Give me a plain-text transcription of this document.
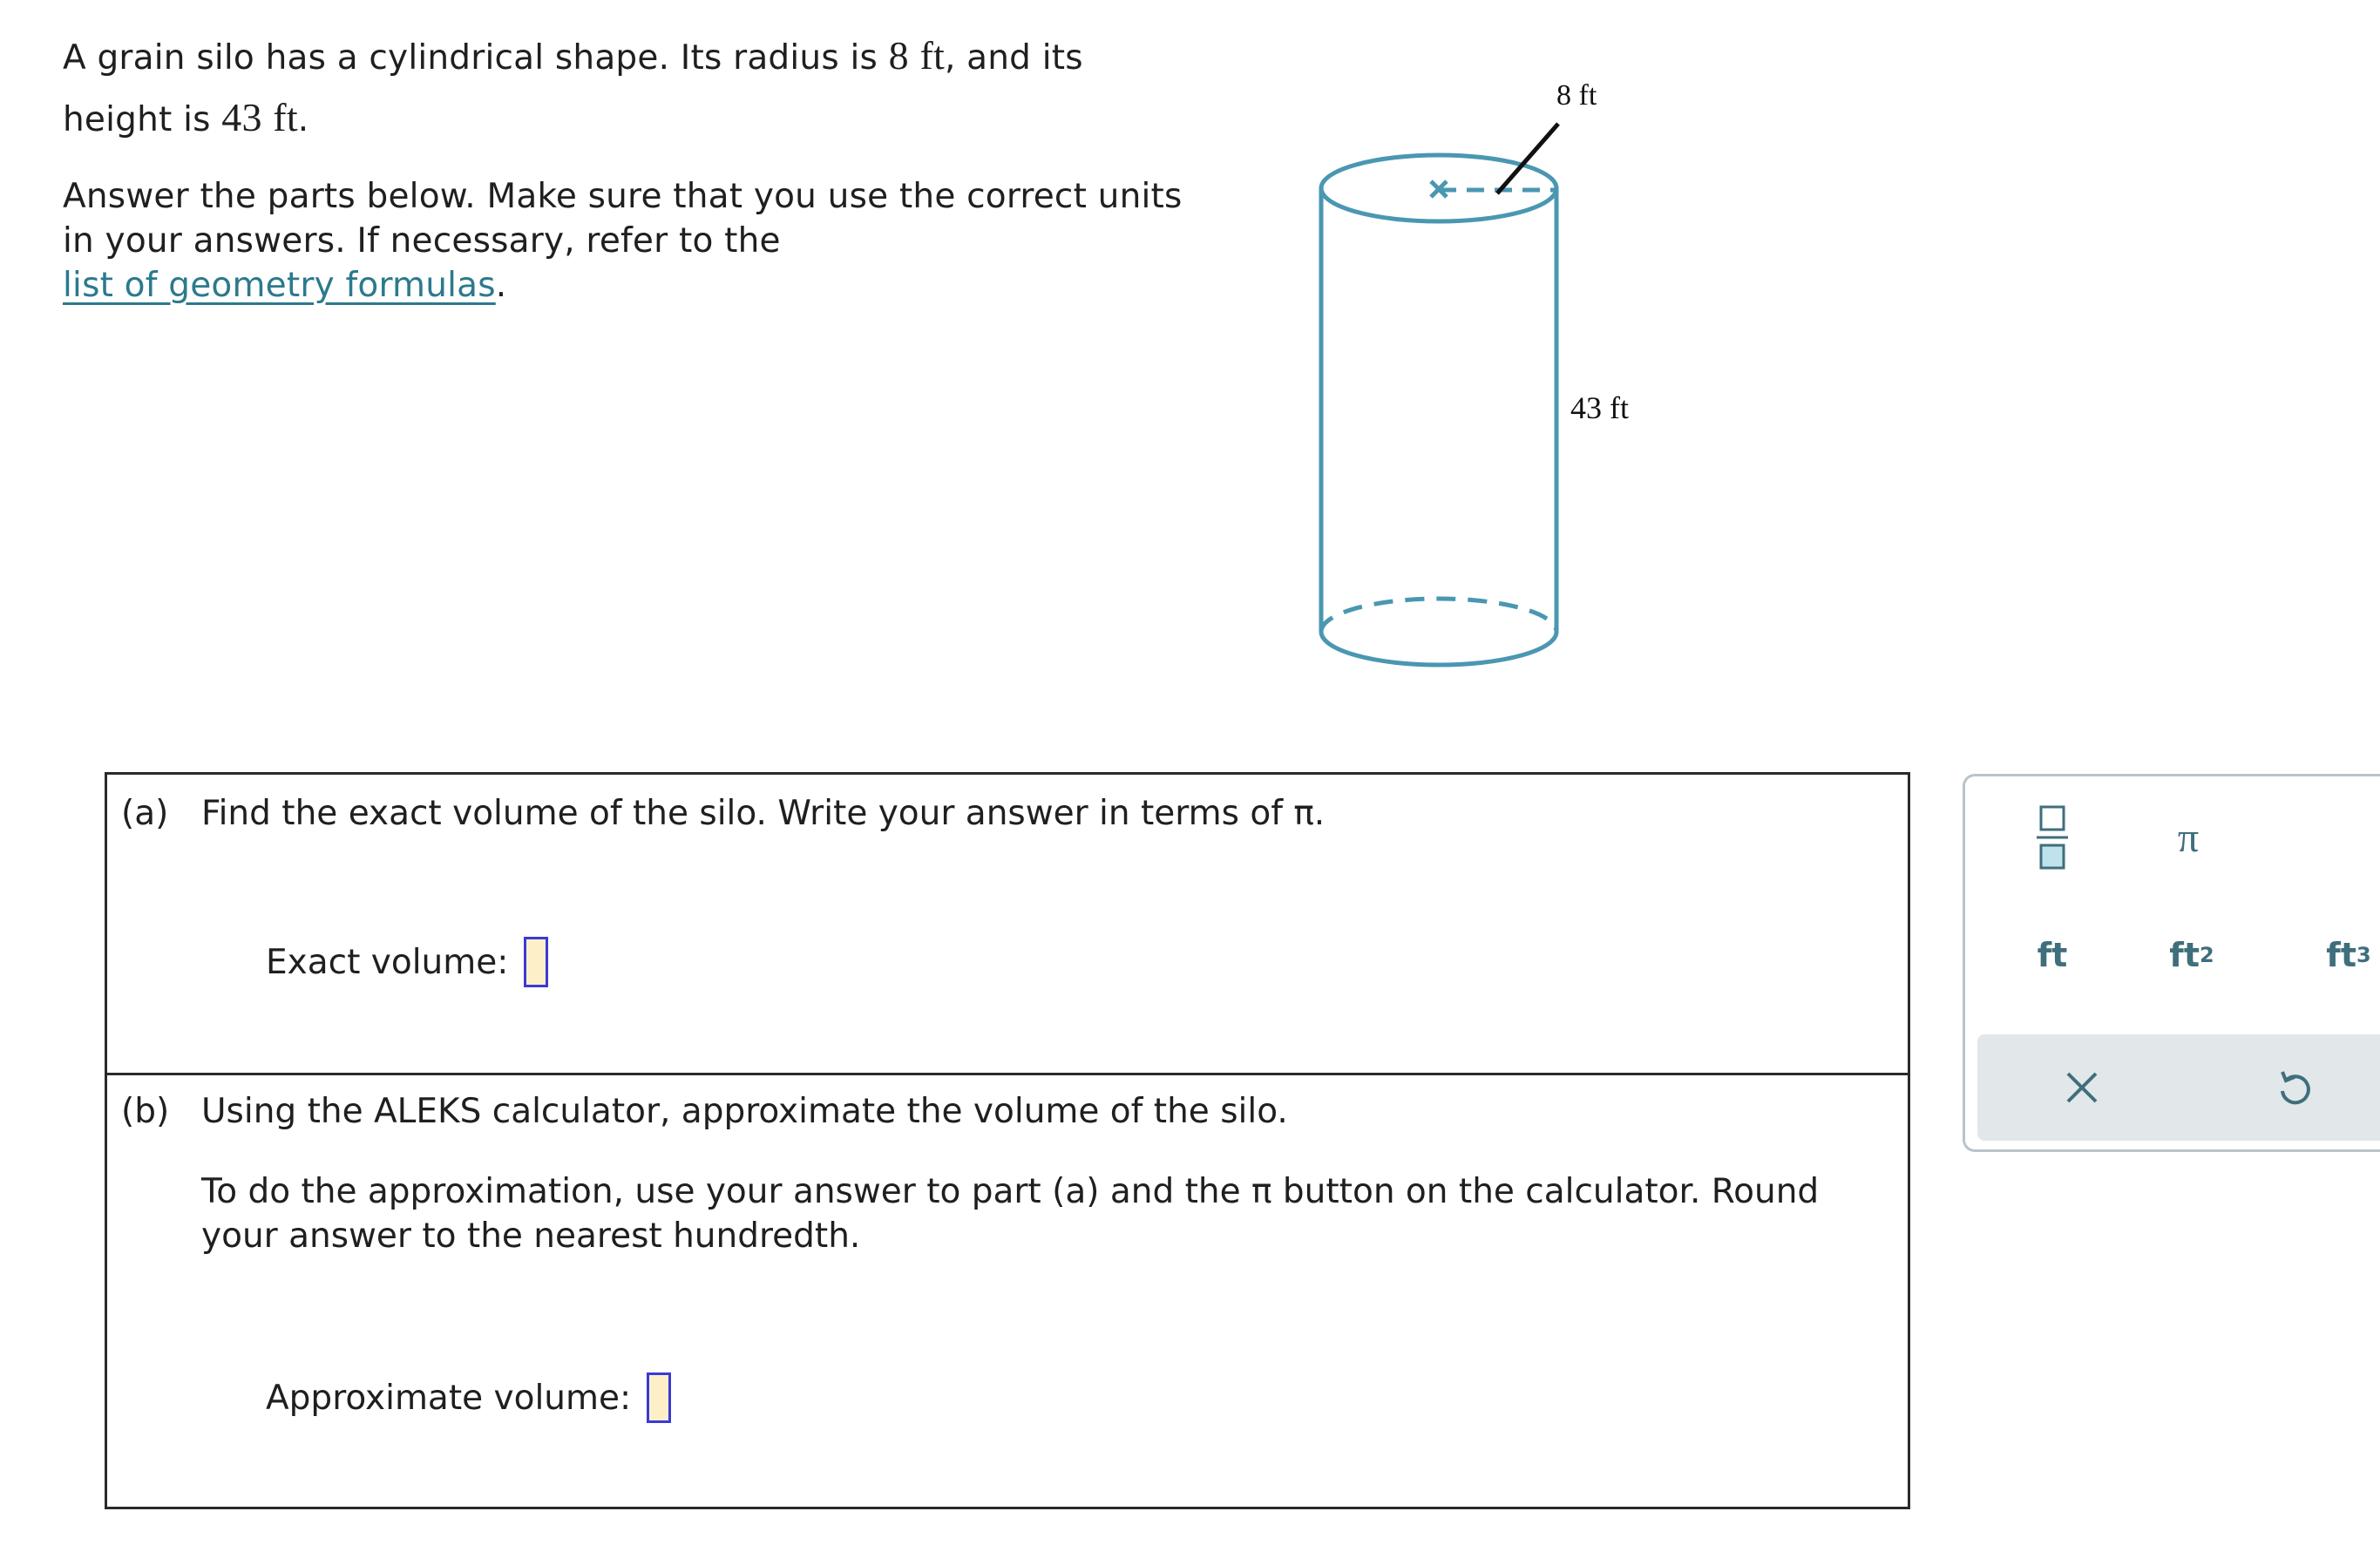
A grain silo has a cylindrical shape. Its radius is 8 ft, and its
height is 43 ft.
Answer the parts below. Make sure that you use the correct units in your answers. If necessary, refer to the
list of geometry formulas.
8 ft
43 ft
(a) Find the exact volume of the silo. Write your answer in terms of π.
Exact volume:
(b) Using the ALEKS calculator, approximate the volume of the silo.
To do the approximation, use your answer to part (a) and the π button on the calculator. Round
your answer to the nearest hundredth.
Approximate volume:
π
ft	ft 2	ft 3
